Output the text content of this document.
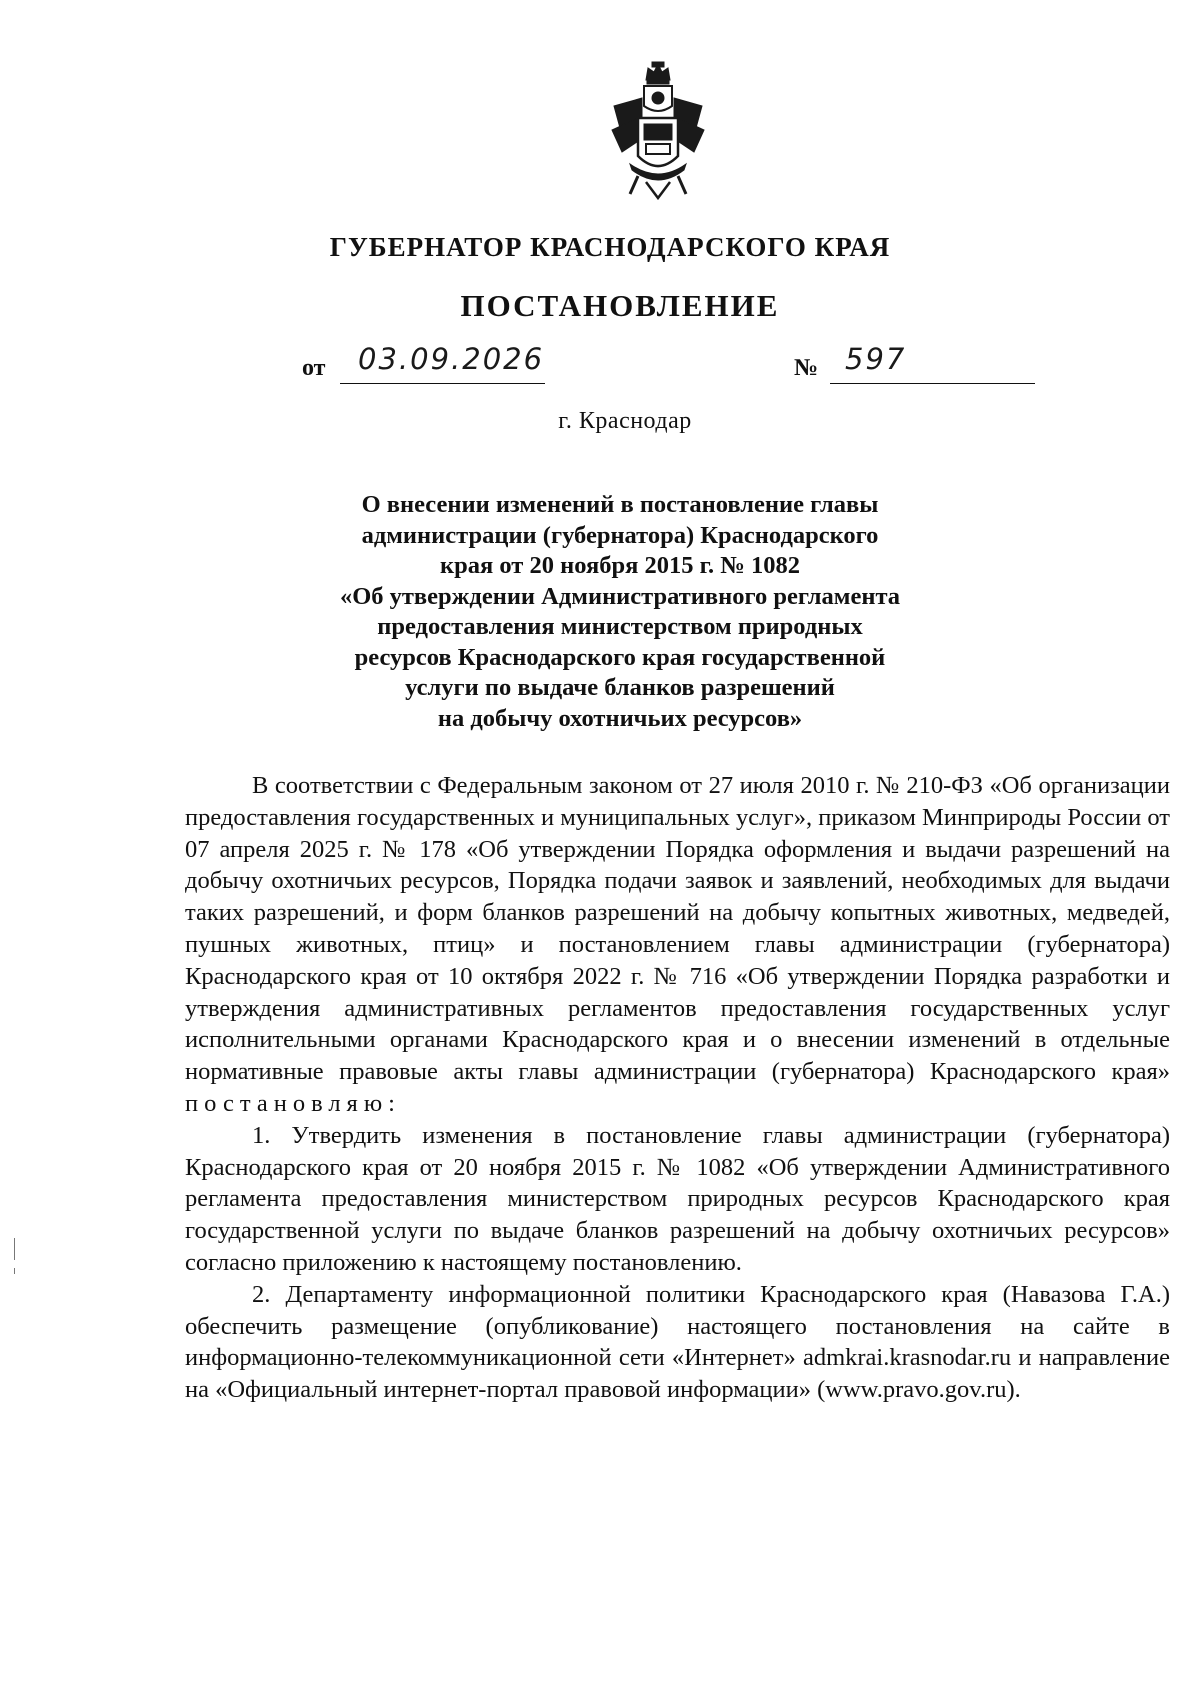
ГУБЕРНАТОР КРАСНОДАРСКОГО КРАЯ
ПОСТАНОВЛЕНИЕ
от 03.09.2026	№ 597
г. Краснодар
О внесении изменений в постановление главы
администрации (губернатора) Краснодарского
края от 20 ноября 2015 г. № 1082
«Об утверждении Административного регламента
предоставления министерством природных
ресурсов Краснодарского края государственной
услуги по выдаче бланков разрешений
на добычу охотничьих ресурсов»
В соответствии с Федеральным законом от 27 июля 2010 г. № 210-ФЗ «Об организации предоставления государственных и муниципальных услуг», приказом Минприроды России от 07 апреля 2025 г. № 178 «Об утверждении Порядка оформления и выдачи разрешений на добычу охотничьих ресурсов, Порядка подачи заявок и заявлений, необходимых для выдачи таких разрешений, и форм бланков разрешений на добычу копытных животных, медведей, пушных животных, птиц» и постановлением главы администрации (губернатора) Краснодарского края от 10 октября 2022 г. № 716 «Об утверждении Порядка разработки и утверждения административных регламентов предоставления государственных услуг исполнительными органами Краснодарского края и о внесении изменений в отдельные нормативные правовые акты главы администрации (губернатора) Краснодарского края» постановляю:
1. Утвердить изменения в постановление главы администрации (губернатора) Краснодарского края от 20 ноября 2015 г. № 1082 «Об утверждении Административного регламента предоставления министерством природных ресурсов Краснодарского края государственной услуги по выдаче бланков разрешений на добычу охотничьих ресурсов» согласно приложению к настоящему постановлению.
2. Департаменту информационной политики Краснодарского края (Навазова Г.А.) обеспечить размещение (опубликование) настоящего постановления на сайте в информационно-телекоммуникационной сети «Интернет» admkrai.krasnodar.ru и направление на «Официальный интернет-портал правовой информации» (www.pravo.gov.ru).
